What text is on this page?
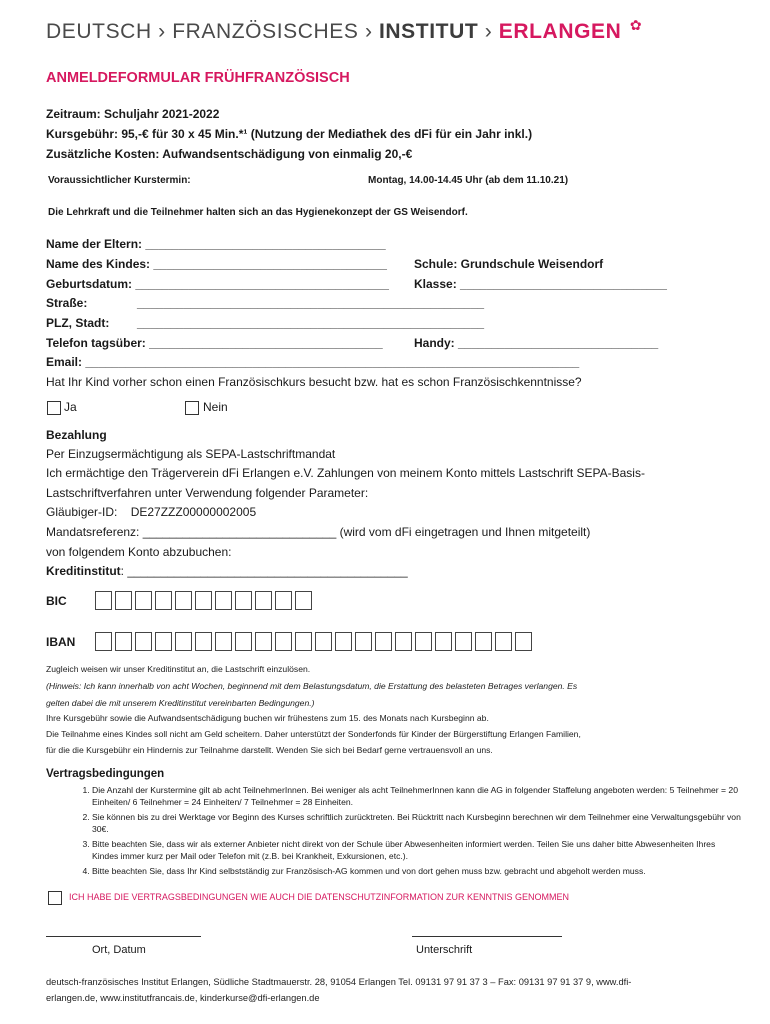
DEUTSCH › FRANZÖSISCHES › INSTITUT › ERLANGEN ✿
ANMELDEFORMULAR FRÜHFRANZÖSISCH
Zeitraum: Schuljahr 2021-2022
Kursgebühr: 95,-€ für 30 x 45 Min.*¹ (Nutzung der Mediathek des dFi für ein Jahr inkl.)
Zusätzliche Kosten: Aufwandsentschädigung von einmalig 20,-€
Voraussichtlicher Kurstermin:	Montag, 14.00-14.45 Uhr (ab dem 11.10.21)
Die Lehrkraft und die Teilnehmer halten sich an das Hygienekonzept der GS Weisendorf.
Name der Eltern: ____________________________________
Name des Kindes: ___________________________________ Schule: Grundschule Weisendorf
Geburtsdatum: ______________________________________ Klasse: _______________________________
Straße:	____________________________________________________
PLZ, Stadt: ____________________________________________________
Telefon tagsüber: ___________________________________	Handy: ______________________________
Email: __________________________________________________________________________
Hat Ihr Kind vorher schon einen Französischkurs besucht bzw. hat es schon Französischkenntnisse?
Ja	Nein
Bezahlung
Per Einzugsermächtigung als SEPA-Lastschriftmandat
Ich ermächtige den Trägerverein dFi Erlangen e.V. Zahlungen von meinem Konto mittels Lastschrift SEPA-Basis-
Lastschriftverfahren unter Verwendung folgender Parameter:
Gläubiger-ID:    DE27ZZZ00000002005
Mandatsreferenz: _____________________________ (wird vom dFi eingetragen und Ihnen mitgeteilt)
von folgendem Konto abzubuchen:
Kreditinstitut: __________________________________________
BIC
IBAN
Zugleich weisen wir unser Kreditinstitut an, die Lastschrift einzulösen.
(Hinweis: Ich kann innerhalb von acht Wochen, beginnend mit dem Belastungsdatum, die Erstattung des belasteten Betrages verlangen. Es
gelten dabei die mit unserem Kreditinstitut vereinbarten Bedingungen.)
Ihre Kursgebühr sowie die Aufwandsentschädigung buchen wir frühestens zum 15. des Monats nach Kursbeginn ab.
Die Teilnahme eines Kindes soll nicht am Geld scheitern. Daher unterstützt der Sonderfonds für Kinder der Bürgerstiftung Erlangen Familien,
für die die Kursgebühr ein Hindernis zur Teilnahme darstellt. Wenden Sie sich bei Bedarf gerne vertrauensvoll an uns.
Vertragsbedingungen
1. Die Anzahl der Kurstermine gilt ab acht TeilnehmerInnen. Bei weniger als acht TeilnehmerInnen kann die AG in folgender Staffelung angeboten werden: 5 Teilnehmer = 20 Einheiten/ 6 Teilnehmer = 24 Einheiten/ 7 Teilnehmer = 28 Einheiten.
2. Sie können bis zu drei Werktage vor Beginn des Kurses schriftlich zurücktreten. Bei Rücktritt nach Kursbeginn berechnen wir dem Teilnehmer eine Verwaltungsgebühr von 30€.
3. Bitte beachten Sie, dass wir als externer Anbieter nicht direkt von der Schule über Abwesenheiten informiert werden. Teilen Sie uns daher bitte Abwesenheiten Ihres Kindes immer kurz per Mail oder Telefon mit (z.B. bei Krankheit, Exkursionen, etc.).
4. Bitte beachten Sie, dass Ihr Kind selbstständig zur Französisch-AG kommen und von dort gehen muss bzw. gebracht und abgeholt werden muss.
ICH HABE DIE VERTRAGSBEDINGUNGEN WIE AUCH DIE DATENSCHUTZINFORMATION ZUR KENNTNIS GENOMMEN
Ort, Datum	Unterschrift
deutsch-französisches Institut Erlangen, Südliche Stadtmauerstr. 28, 91054 Erlangen Tel. 09131 97 91 37 3 – Fax: 09131 97 91 37 9, www.dfi-
erlangen.de, www.institutfrancais.de, kinderkurse@dfi-erlangen.de
